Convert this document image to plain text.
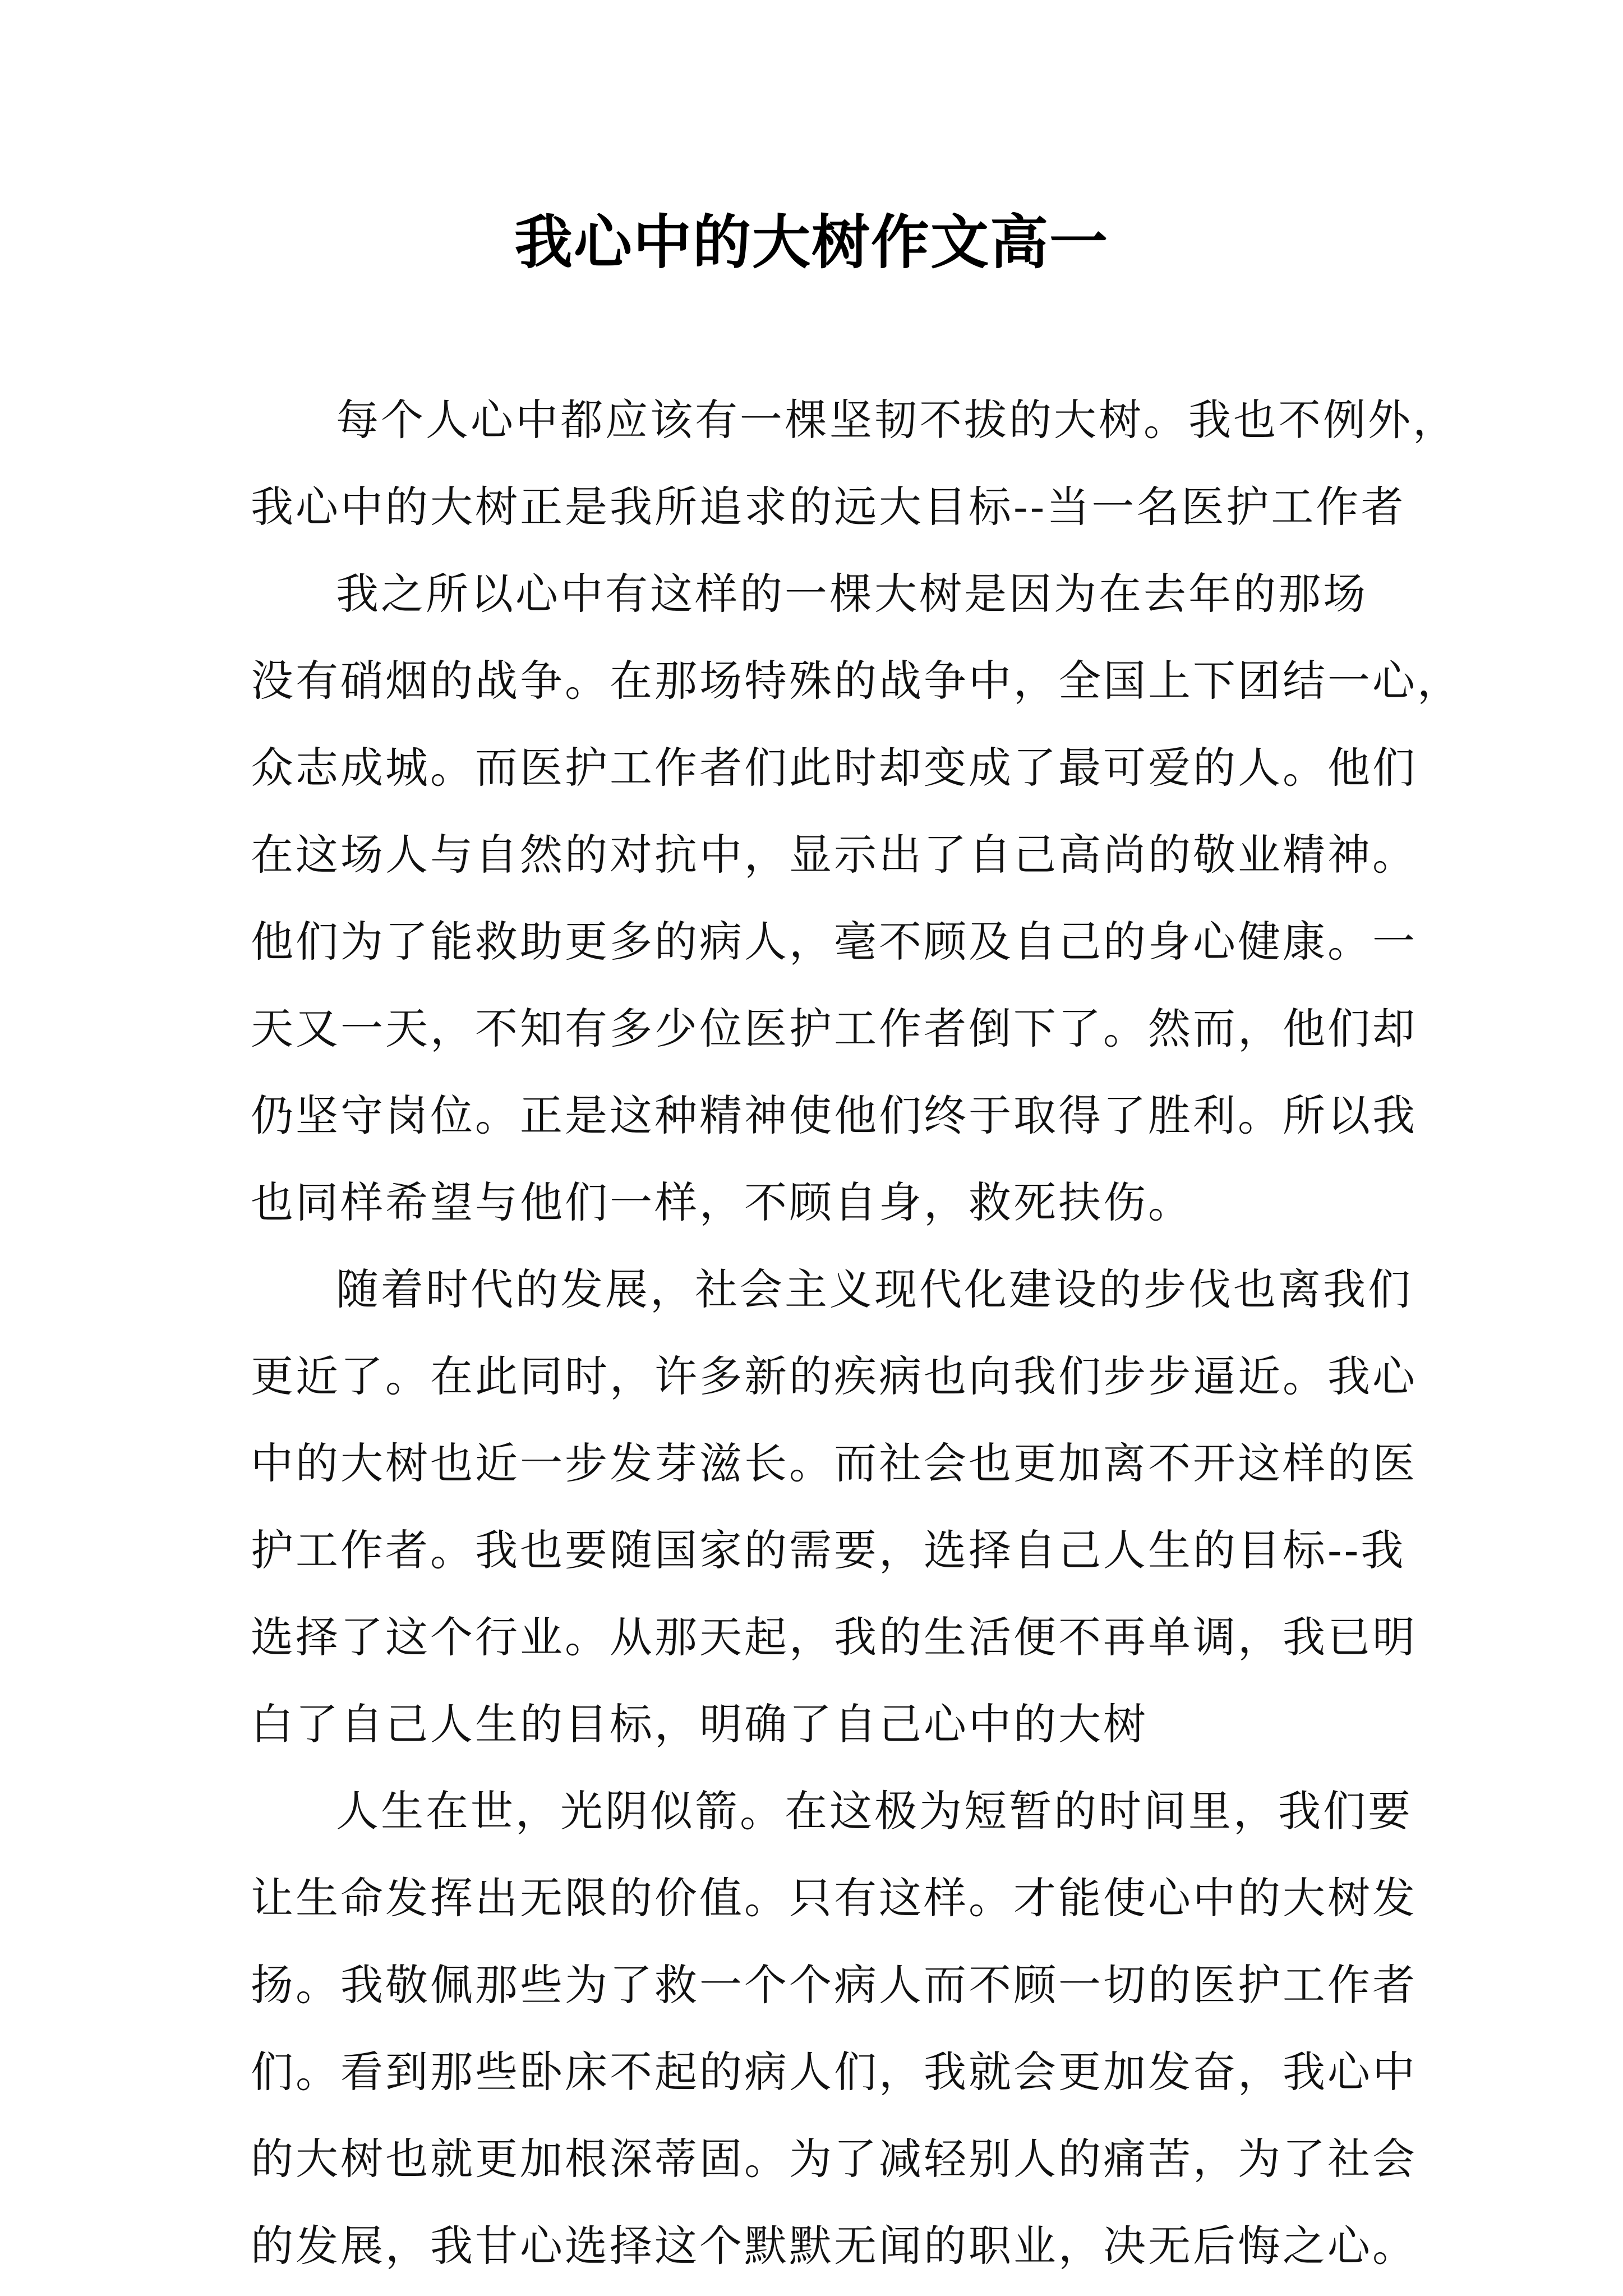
我心中的大树作文高一
每个人心中都应该有一棵坚韧不拔的大树。我也不例外，
我心中的大树正是我所追求的远大目标--当一名医护工作者
我之所以心中有这样的一棵大树是因为在去年的那场
没有硝烟的战争。在那场特殊的战争中，全国上下团结一心，
众志成城。而医护工作者们此时却变成了最可爱的人。他们
在这场人与自然的对抗中，显示出了自己高尚的敬业精神。
他们为了能救助更多的病人，毫不顾及自己的身心健康。一
天又一天，不知有多少位医护工作者倒下了。然而，他们却
仍坚守岗位。正是这种精神使他们终于取得了胜利。所以我
也同样希望与他们一样，不顾自身，救死扶伤。
随着时代的发展，社会主义现代化建设的步伐也离我们
更近了。在此同时，许多新的疾病也向我们步步逼近。我心
中的大树也近一步发芽滋长。而社会也更加离不开这样的医
护工作者。我也要随国家的需要，选择自己人生的目标--我
选择了这个行业。从那天起，我的生活便不再单调，我已明
白了自己人生的目标，明确了自己心中的大树
人生在世，光阴似箭。在这极为短暂的时间里，我们要
让生命发挥出无限的价值。只有这样。才能使心中的大树发
扬。我敬佩那些为了救一个个病人而不顾一切的医护工作者
们。看到那些卧床不起的病人们，我就会更加发奋，我心中
的大树也就更加根深蒂固。为了减轻别人的痛苦，为了社会
的发展，我甘心选择这个默默无闻的职业，决无后悔之心。
